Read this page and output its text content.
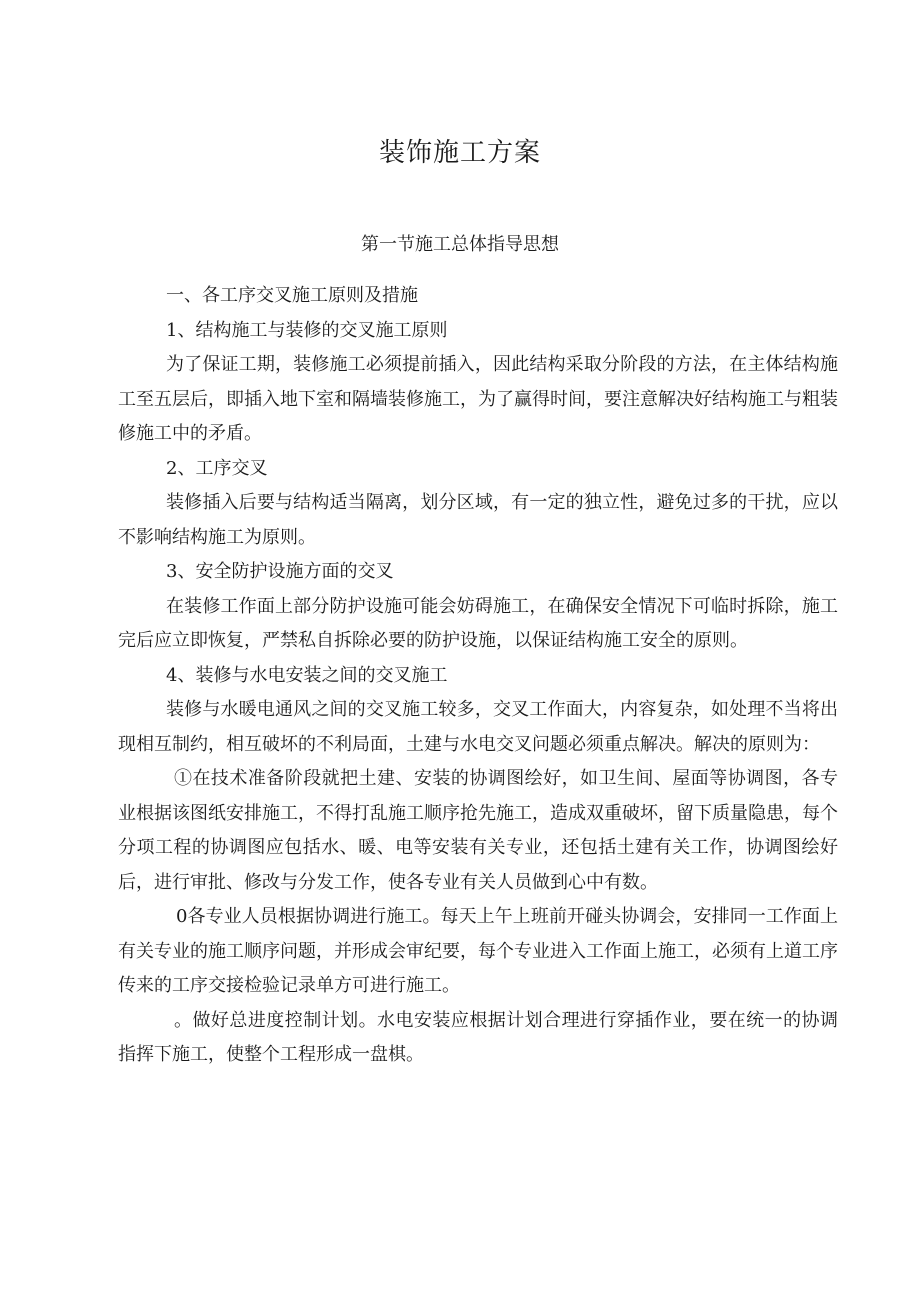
装饰施工方案
第一节施工总体指导思想

一、各工序交叉施工原则及措施

1、结构施工与装修的交叉施工原则

为了保证工期，装修施工必须提前插入，因此结构采取分阶段的方法，在主体结构施工至五层后，即插入地下室和隔墙装修施工，为了赢得时间，要注意解决好结构施工与粗装修施工中的矛盾。

2、工序交叉

装修插入后要与结构适当隔离，划分区域，有一定的独立性，避免过多的干扰，应以不影响结构施工为原则。

3、安全防护设施方面的交叉

在装修工作面上部分防护设施可能会妨碍施工，在确保安全情况下可临时拆除，施工完后应立即恢复，严禁私自拆除必要的防护设施，以保证结构施工安全的原则。

4、装修与水电安装之间的交叉施工

装修与水暖电通风之间的交叉施工较多，交叉工作面大，内容复杂，如处理不当将出现相互制约，相互破坏的不利局面，土建与水电交叉问题必须重点解决。解决的原则为：

①在技术准备阶段就把土建、安装的协调图绘好，如卫生间、屋面等协调图，各专业根据该图纸安排施工，不得打乱施工顺序抢先施工，造成双重破坏，留下质量隐患，每个分项工程的协调图应包括水、暖、电等安装有关专业，还包括土建有关工作，协调图绘好后，进行审批、修改与分发工作，使各专业有关人员做到心中有数。

0各专业人员根据协调进行施工。每天上午上班前开碰头协调会，安排同一工作面上有关专业的施工顺序问题，并形成会审纪要，每个专业进入工作面上施工，必须有上道工序传来的工序交接检验记录单方可进行施工。

。做好总进度控制计划。水电安装应根据计划合理进行穿插作业，要在统一的协调指挥下施工，使整个工程形成一盘棋。
